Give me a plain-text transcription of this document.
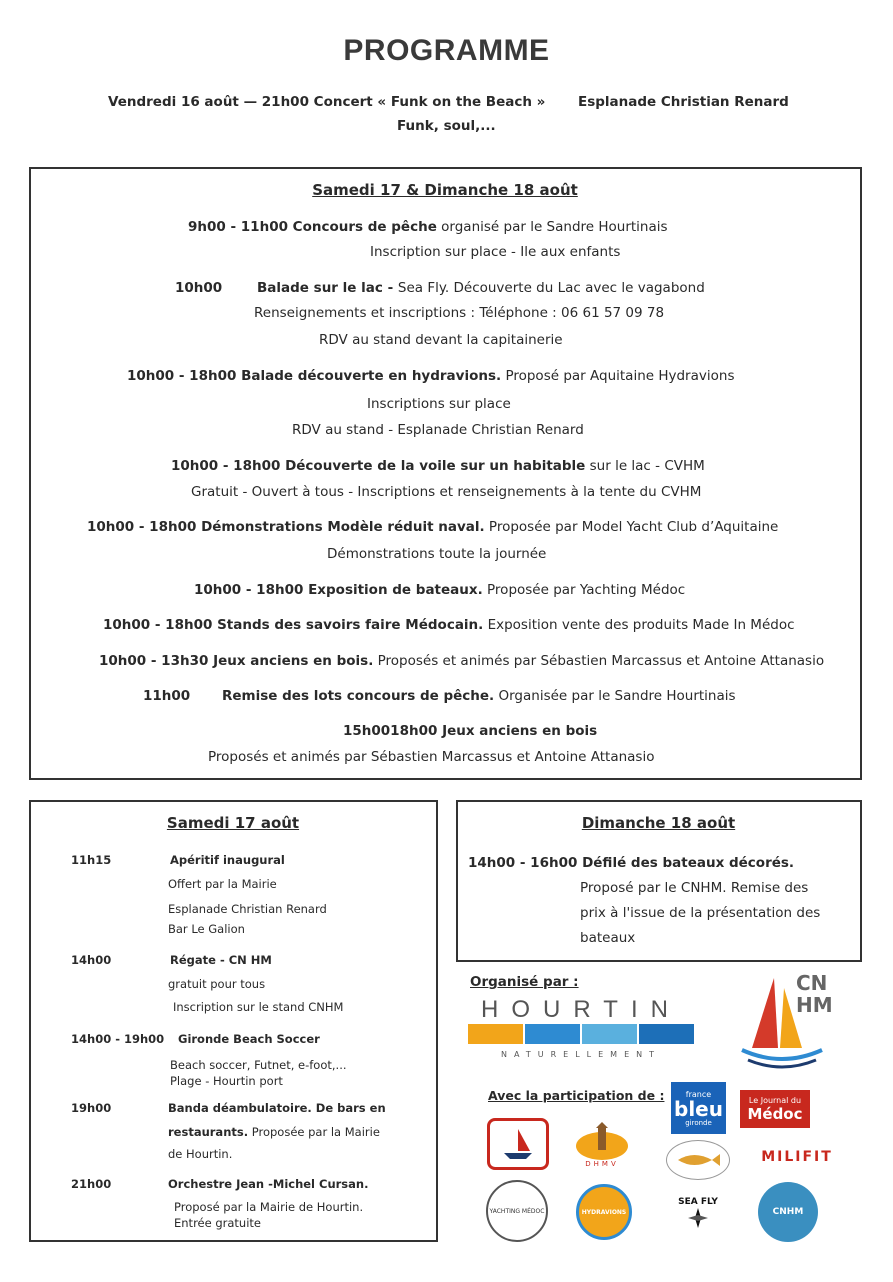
PROGRAMME
Vendredi 16 août — 21h00 Concert « Funk on the Beach » Esplanade Christian Renard
Funk, soul,...
Samedi 17 & Dimanche 18 août
9h00 - 11h00 Concours de pêche organisé par le Sandre Hourtinais
Inscription sur place - Ile aux enfants
10h00	Balade sur le lac - Sea Fly. Découverte du Lac avec le vagabond
Renseignements et inscriptions : Téléphone : 06 61 57 09 78
RDV au stand devant la capitainerie
10h00 - 18h00 Balade découverte en hydravions. Proposé par Aquitaine Hydravions
Inscriptions sur place
RDV au stand - Esplanade Christian Renard
10h00 - 18h00 Découverte de la voile sur un habitable sur le lac - CVHM
Gratuit - Ouvert à tous - Inscriptions et renseignements à la tente du CVHM
10h00 - 18h00 Démonstrations Modèle réduit naval. Proposée par Model Yacht Club d’Aquitaine
Démonstrations toute la journée
10h00 - 18h00 Exposition de bateaux. Proposée par Yachting Médoc
10h00 - 18h00 Stands des savoirs faire Médocain. Exposition vente des produits Made In Médoc
10h00 - 13h30 Jeux anciens en bois. Proposés et animés par Sébastien Marcassus et Antoine Attanasio
11h00 Remise des lots concours de pêche. Organisée par le Sandre Hourtinais
15h0018h00 Jeux anciens en bois
Proposés et animés par Sébastien Marcassus et Antoine Attanasio
Samedi 17 août
11h15	Apéritif inaugural
Offert par la Mairie
Esplanade Christian Renard
Bar Le Galion
14h00	Régate - CN HM
gratuit pour tous
Inscription sur le stand CNHM
14h00 - 19h00 Gironde Beach Soccer
Beach soccer, Futnet, e-foot,...
Plage - Hourtin port
19h00	Banda déambulatoire. De bars en
restaurants. Proposée par la Mairie
de Hourtin.
21h00	Orchestre Jean -Michel Cursan.
Proposé par la Mairie de Hourtin.
Entrée gratuite
Dimanche 18 août
14h00 - 16h00 Défilé des bateaux décorés.
Proposé par le CNHM. Remise des
prix à l'issue de la présentation des
bateaux
Organisé par :
HOURTIN
NATURELLEMENT
CNHM
Avec la participation de :	france
bleu
gironde
Le Journal du
Médoc
DHMV	MILIFIT
YACHTING MÉDOC	HYDRAVIONS
SEA FLY
CNHM
